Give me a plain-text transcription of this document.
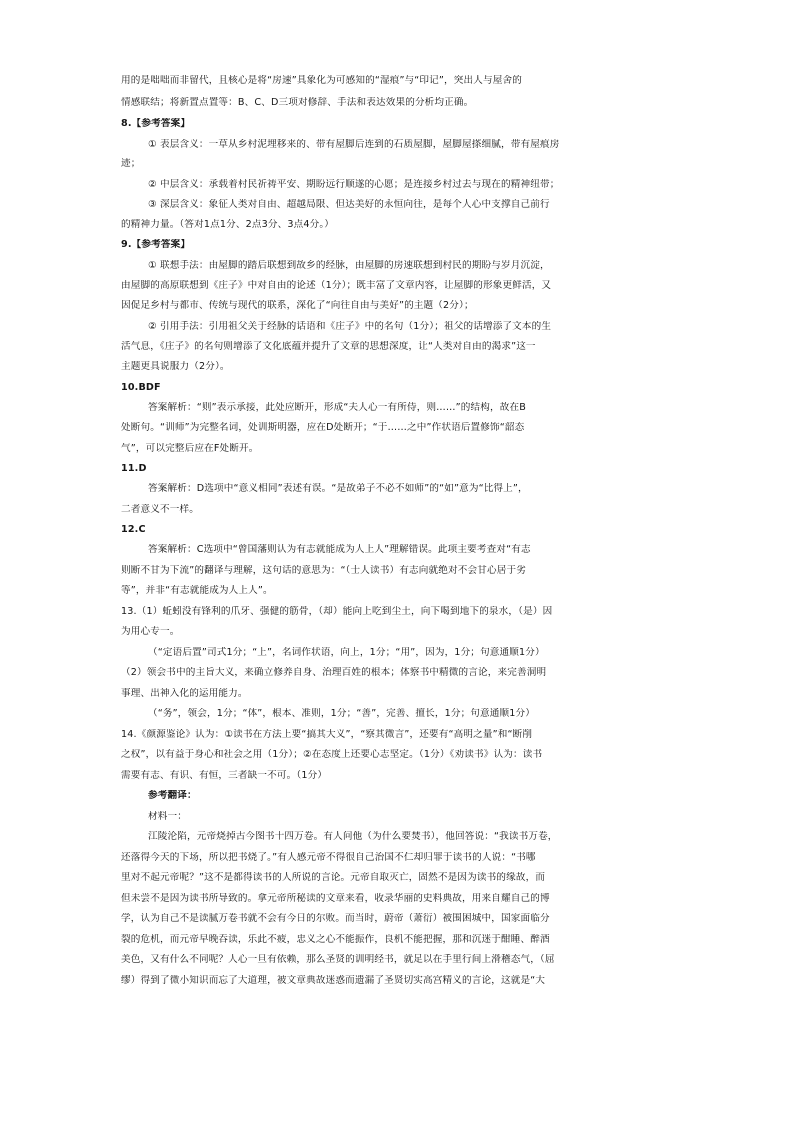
用的是咄咄而非留代，且核心是将“房速”具象化为可感知的“湿痕”与“印记”，突出人与屋舍的
情感联结；将新置点置等：B、C、D三项对修辞、手法和表达效果的分析均正确。
8.【参考答案】
① 表层含义：一草从乡村泥埋移来的、带有屋脚后连到的石质屋脚，屋脚屋搽细腻，带有屋痕房
迹；
② 中层含义：承载着村民祈祷平安、期盼远行顺遂的心愿；是连接乡村过去与现在的精神纽带；
③ 深层含义：象征人类对自由、超越局限、但达美好的永恒向往，是每个人心中支撑自己前行
的精神力量。（答对1点1分、2点3分、3点4分。）
9.【参考答案】
① 联想手法：由屋脚的踏后联想到故乡的经脉，由屋脚的房速联想到村民的期盼与岁月沉淀，
由屋脚的高原联想到《庄子》中对自由的论述（1分）；既丰富了文章内容，让屋脚的形象更鲜活，又
因促足乡村与都市、传统与现代的联系，深化了“向往自由与美好”的主题（2分）；
② 引用手法：引用祖父关于经脉的话语和《庄子》中的名句（1分）；祖父的话增添了文本的生
活气息，《庄子》的名句则增添了文化底蕴并提升了文章的思想深度，让“人类对自由的渴求”这一
主题更具说服力（2分）。
10.BDF
答案解析：“则”表示承接，此处应断开，形成“夫人心一有所侍，则……”的结构，故在B
处断句。“训师”为完整名词，处训斯明器，应在D处断开；“于……之中”作状语后置修饰“韶态
气”，可以完整后应在F处断开。
11.D
答案解析：D选项中“意义相同”表述有误。“是故弟子不必不如师”的“如”意为“比得上”，
二者意义不一样。
12.C
答案解析：C选项中“曾国藩则认为有志就能成为人上人”理解错误。此项主要考查对“有志
则断不甘为下流”的翻译与理解，这句话的意思为：“（士人读书）有志向就绝对不会甘心居于劣
等”，并非“有志就能成为人上人”。
13.（1）蚯蚓没有锋利的爪牙、强健的筋骨，（却）能向上吃到尘土，向下喝到地下的泉水，（是）因
为用心专一。
（“定语后置”司式1分；“上”，名词作状语，向上，1分；“用”，因为，1分；句意通顺1分）
（2）领会书中的主旨大义，来确立修养自身、治理百姓的根本；体察书中精微的言论，来完善洞明
事理、出神入化的运用能力。
（“务”，领会，1分；“体”，根本、准则，1分；“善”，完善、擅长，1分；句意通顺1分）
14.《颜源鉴论》认为：①读书在方法上要“搞其大义”，“察其微言”，还要有“高明之量”和“断削
之权”，以有益于身心和社会之用（1分）；②在态度上还要心志坚定。（1分）《劝读书》认为：读书
需要有志、有识、有恒，三者缺一不可。（1分）
参考翻译：
材料一：
江陵沦陷，元帝烧掉古今图书十四万卷。有人问他（为什么要焚书），他回答说：“我读书万卷，
还落得今天的下场，所以把书烧了。”有人感元帝不得很自己治国不仁却归罪于读书的人说：“书哪
里对不起元帝呢？”这不是都得读书的人所说的言论。元帝自取灭亡，固然不是因为读书的缘故，而
但未尝不是因为读书所导致的。拿元帝所秘读的文章来看，收录华丽的史料典故，用来自耀自己的博
学，认为自己不是读腻万卷书就不会有今日的尔败。而当时，蔚帝（萧衍）被围困城中，国家面临分
裂的危机，而元帝早晚吞读，乐此不疲，忠义之心不能振作，良机不能把握，那和沉迷于酣睡、醉酒
美色，又有什么不同呢？人心一旦有依赖，那么圣贤的训明经书，就足以在手里行间上滑稽态气，（屈
缪）得到了微小知识而忘了大道理，被文章典故迷惑而遗漏了圣贤切实高宫精义的言论，这就是“大
